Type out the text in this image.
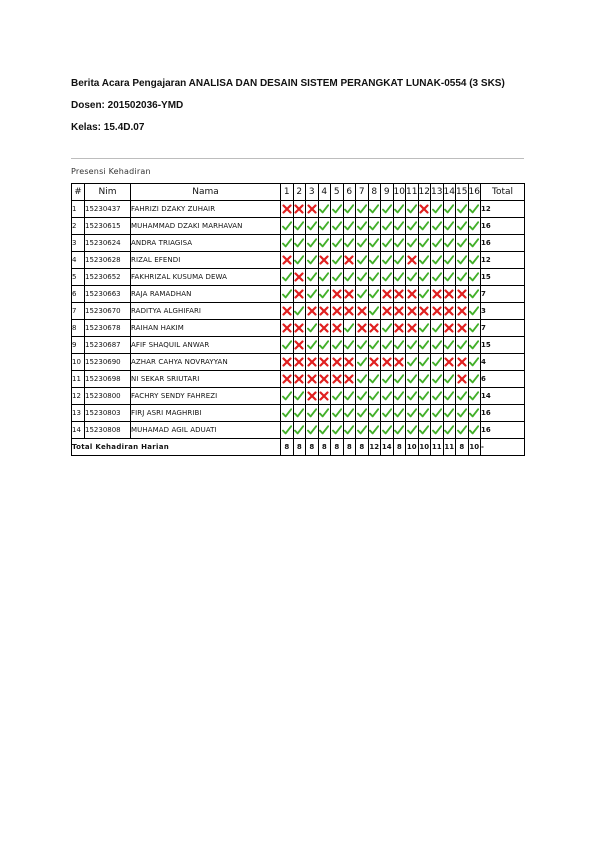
Berita Acara Pengajaran ANALISA DAN DESAIN SISTEM PERANGKAT LUNAK-0554 (3 SKS)
Dosen: 201502036-YMD
Kelas: 15.4D.07
Presensi Kehadiran
#	Nim	Nama	1	2	3	4	5	6	7	8	9	10	11	12	13	14	15	16	Total
1	15230437	FAHRIZI DZAKY ZUHAIR																	12
2	15230615	MUHAMMAD DZAKI MARHAVAN																	16
3	15230624	ANDRA TRIAGISA																	16
4	15230628	RIZAL EFENDI																	12
5	15230652	FAKHRIZAL KUSUMA DEWA																	15
6	15230663	RAJA RAMADHAN																	7
7	15230670	RADITYA ALGHIFARI																	3
8	15230678	RAIHAN HAKIM																	7
9	15230687	AFIF SHAQUIL ANWAR																	15
10	15230690	AZHAR CAHYA NOVRAYYAN																	4
11	15230698	NI SEKAR SRIUTARI																	6
12	15230800	FACHRY SENDY FAHREZI																	14
13	15230803	FIRJ ASRI MAGHRIBI																	16
14	15230808	MUHAMAD AGIL ADUATI																	16
Total Kehadiran Harian			8	8	8	8	8	8	8	12	14	8	10	10	11	11	8	10	-
